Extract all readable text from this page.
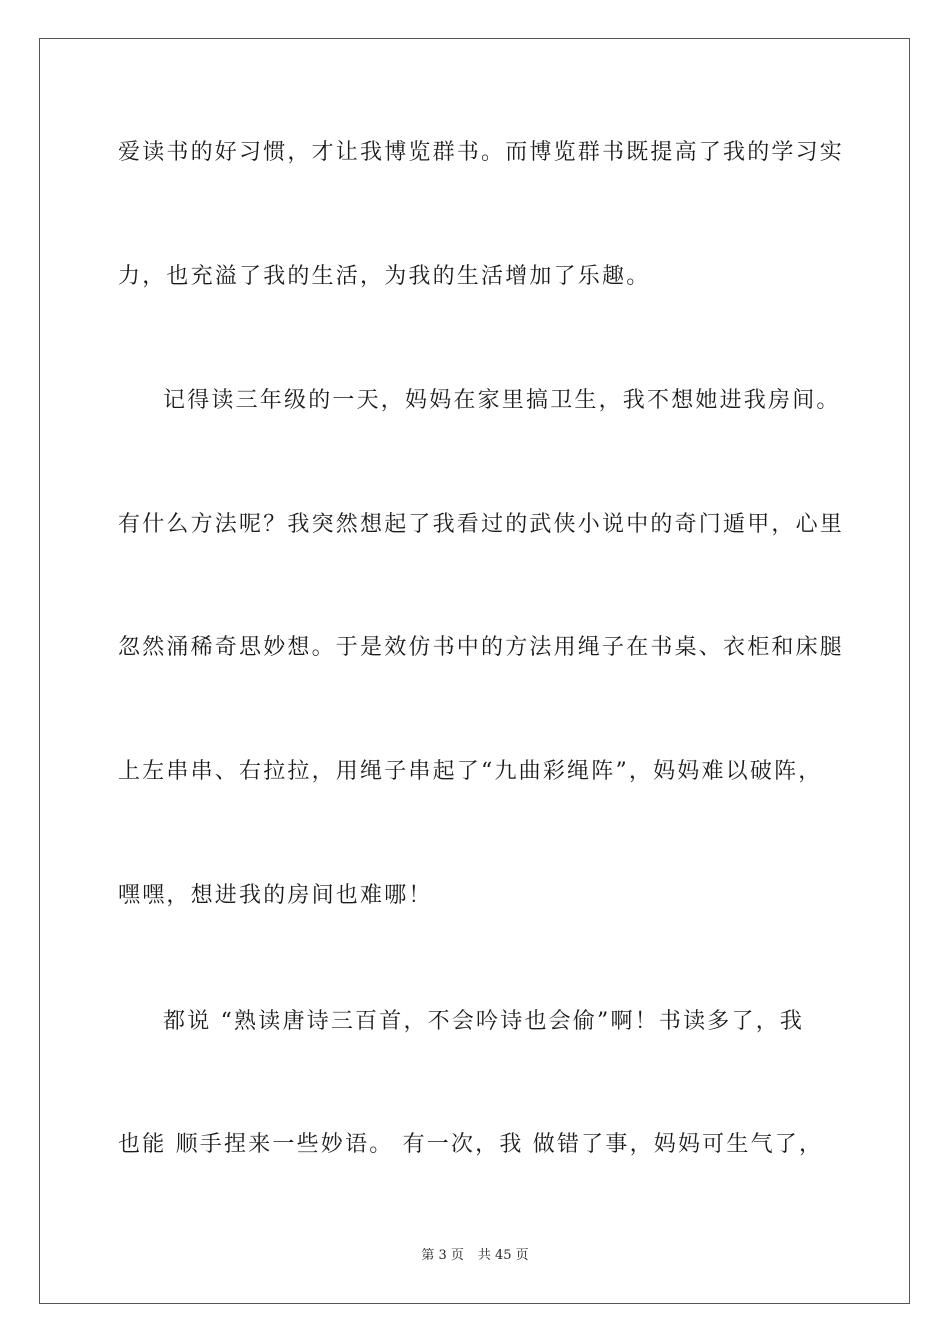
爱读书的好习惯，才让我博览群书。而博览群书既提高了我的学习实
力，也充溢了我的生活，为我的生活增加了乐趣。
记得读三年级的一天，妈妈在家里搞卫生，我不想她进我房间。
有什么方法呢？我突然想起了我看过的武侠小说中的奇门遁甲，心里
忽然涌稀奇思妙想。于是效仿书中的方法用绳子在书桌、衣柜和床腿
上左串串、右拉拉，用绳子串起了“九曲彩绳阵”，妈妈难以破阵，
嘿嘿，想进我的房间也难哪！
都说 “熟读唐诗三百首，不会吟诗也会偷”啊！书读多了，我
也能 顺手捏来一些妙语。 有一次，我 做错了事，妈妈可生气了，
第 3 页 共 45 页
